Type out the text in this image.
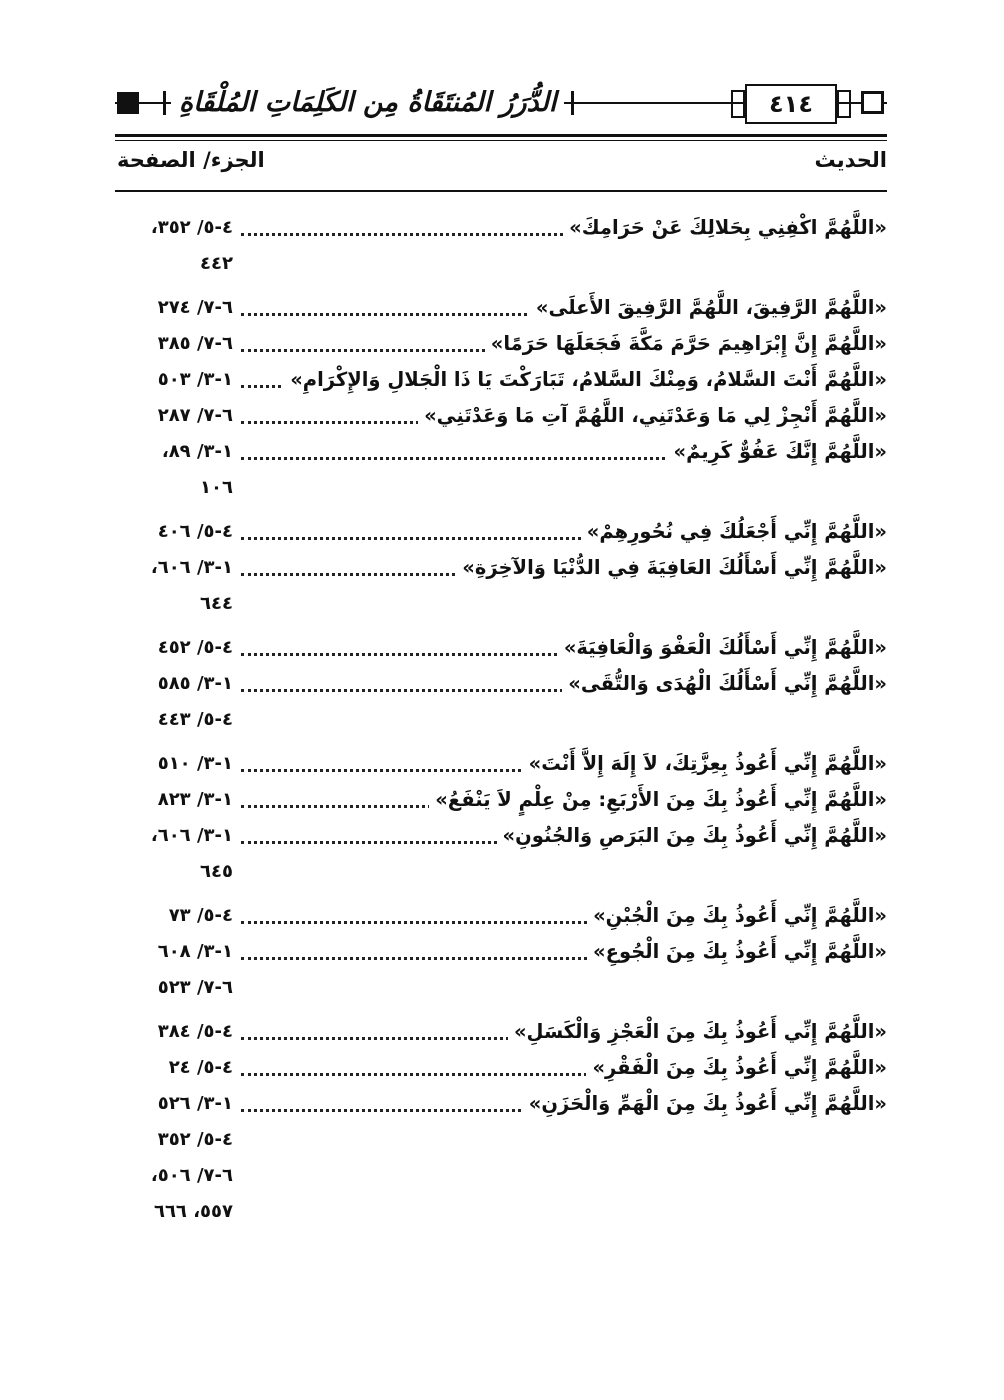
الدُّرَرُ المُنتَقَاةُ مِن الكَلِمَاتِ المُلْقَاةِ	٤١٤
الحديث
الجزء/ الصفحة
«اللَّهُمَّ اكْفِنِي بِحَلالِكَ عَنْ حَرَامِكَ»
٤-٥/ ٣٥٢،
٤٤٢
«اللَّهُمَّ الرَّفِيقَ، اللَّهُمَّ الرَّفِيقَ الأَعلَى»
٦-٧/ ٢٧٤
«اللَّهُمَّ إِنَّ إِبْرَاهِيمَ حَرَّمَ مَكَّةَ فَجَعَلَهَا حَرَمًا»
٦-٧/ ٣٨٥
«اللَّهُمَّ أَنْتَ السَّلامُ، وَمِنْكَ السَّلامُ، تَبَارَكْتَ يَا ذَا الْجَلالِ وَالإِكْرَامِ»
١-٣/ ٥٠٣
«اللَّهُمَّ أَنْجِزْ لِي مَا وَعَدْتَنِي، اللَّهُمَّ آتِ مَا وَعَدْتَنِي»
٦-٧/ ٢٨٧
«اللَّهُمَّ إِنَّكَ عَفُوٌّ كَرِيمٌ»
١-٣/ ٨٩،
١٠٦
«اللَّهُمَّ إِنِّي أَجْعَلُكَ فِي نُحُورِهِمْ»
٤-٥/ ٤٠٦
«اللَّهُمَّ إِنِّي أَسْأَلُكَ العَافِيَةَ فِي الدُّنْيَا وَالآخِرَةِ»
١-٣/ ٦٠٦،
٦٤٤
«اللَّهُمَّ إِنِّي أَسْأَلُكَ الْعَفْوَ وَالْعَافِيَةَ»
٤-٥/ ٤٥٢
«اللَّهُمَّ إِنِّي أَسْأَلُكَ الْهُدَى وَالتُّقَى»
١-٣/ ٥٨٥
٤-٥/ ٤٤٣
«اللَّهُمَّ إِنِّي أَعُوذُ بِعِزَّتِكَ، لاَ إِلَهَ إِلاَّ أَنْتَ»
١-٣/ ٥١٠
«اللَّهُمَّ إِنِّي أَعُوذُ بِكَ مِنَ الأَرْبَعِ: مِنْ عِلْمٍ لاَ يَنْفَعُ»
١-٣/ ٨٢٣
«اللَّهُمَّ إِنِّي أَعُوذُ بِكَ مِنَ البَرَصِ وَالجُنُونِ»
١-٣/ ٦٠٦،
٦٤٥
«اللَّهُمَّ إِنِّي أَعُوذُ بِكَ مِنَ الْجُبْنِ»
٤-٥/ ٧٣
«اللَّهُمَّ إِنِّي أَعُوذُ بِكَ مِنَ الْجُوعِ»
١-٣/ ٦٠٨
٦-٧/ ٥٢٣
«اللَّهُمَّ إِنِّي أَعُوذُ بِكَ مِنَ الْعَجْزِ وَالْكَسَلِ»
٤-٥/ ٣٨٤
«اللَّهُمَّ إِنِّي أَعُوذُ بِكَ مِنَ الْفَقْرِ»
٤-٥/ ٢٤
«اللَّهُمَّ إِنِّي أَعُوذُ بِكَ مِنَ الْهَمِّ وَالْحَزَنِ»
١-٣/ ٥٢٦
٤-٥/ ٣٥٢
٦-٧/ ٥٠٦،
٥٥٧، ٦٦٦
